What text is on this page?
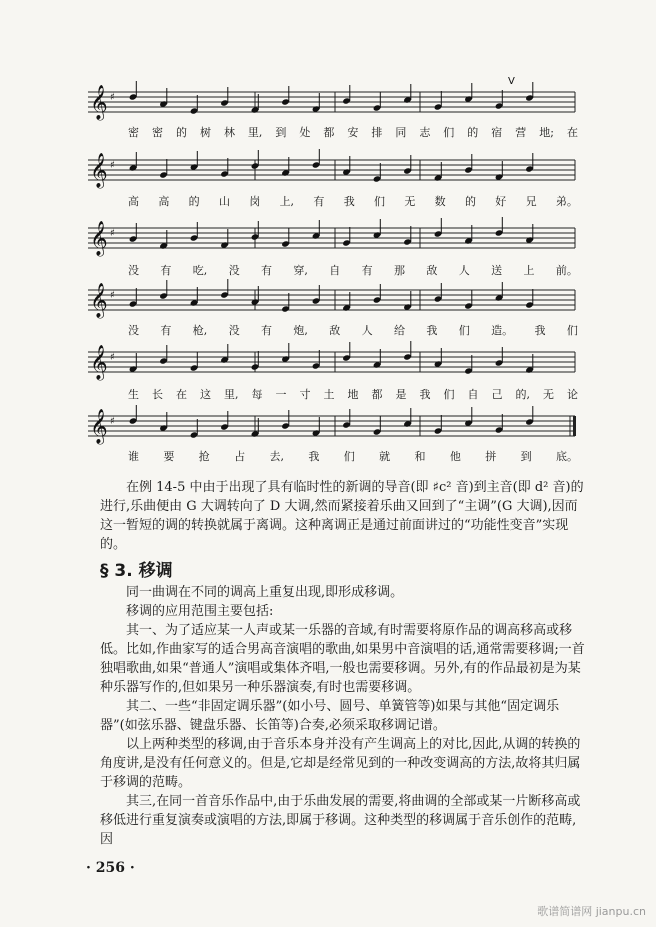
𝄞 ♯
𝄞 ♯
𝄞 ♯
𝄞 ♯
𝄞 ♯
𝄞 ♯
V
密 密 的 树 林 里, 到 处 都 安 排 同 志 们 的 宿 营 地; 在
高 高 的 山 岗 上, 有 我 们 无 数 的 好 兄 弟。
没 有 吃, 没 有 穿, 自 有 那 敌 人 送 上 前。
没 有 枪, 没 有 炮, 敌 人 给 我 们 造。 我 们
生 长 在 这 里, 每 一 寸 土 地 都 是 我 们 自 己 的, 无 论
谁 要 抢 占 去, 我 们 就 和 他 拼 到 底。

在例 14-5 中由于出现了具有临时性的新调的导音(即 ♯c² 音)到主音(即 d² 音)的进行,乐曲便由 G 大调转向了 D 大调,然而紧接着乐曲又回到了“主调”(G 大调),因而这一暂短的调的转换就属于离调。这种离调正是通过前面讲过的“功能性变音”实现的。

§ 3. 移调

同一曲调在不同的调高上重复出现,即形成移调。

移调的应用范围主要包括:

其一、为了适应某一人声或某一乐器的音域,有时需要将原作品的调高移高或移低。比如,作曲家写的适合男高音演唱的歌曲,如果男中音演唱的话,通常需要移调;一首独唱歌曲,如果“普通人”演唱或集体齐唱,一般也需要移调。另外,有的作品最初是为某种乐器写作的,但如果另一种乐器演奏,有时也需要移调。

其二、一些“非固定调乐器”(如小号、圆号、单簧管等)如果与其他“固定调乐器”(如弦乐器、键盘乐器、长笛等)合奏,必须采取移调记谱。

以上两种类型的移调,由于音乐本身并没有产生调高上的对比,因此,从调的转换的角度讲,是没有任何意义的。但是,它却是经常见到的一种改变调高的方法,故将其归属于移调的范畴。

其三,在同一首音乐作品中,由于乐曲发展的需要,将曲调的全部或某一片断移高或移低进行重复演奏或演唱的方法,即属于移调。这种类型的移调属于音乐创作的范畴,因

· 256 ·
歌谱简谱网 jianpu.cn
